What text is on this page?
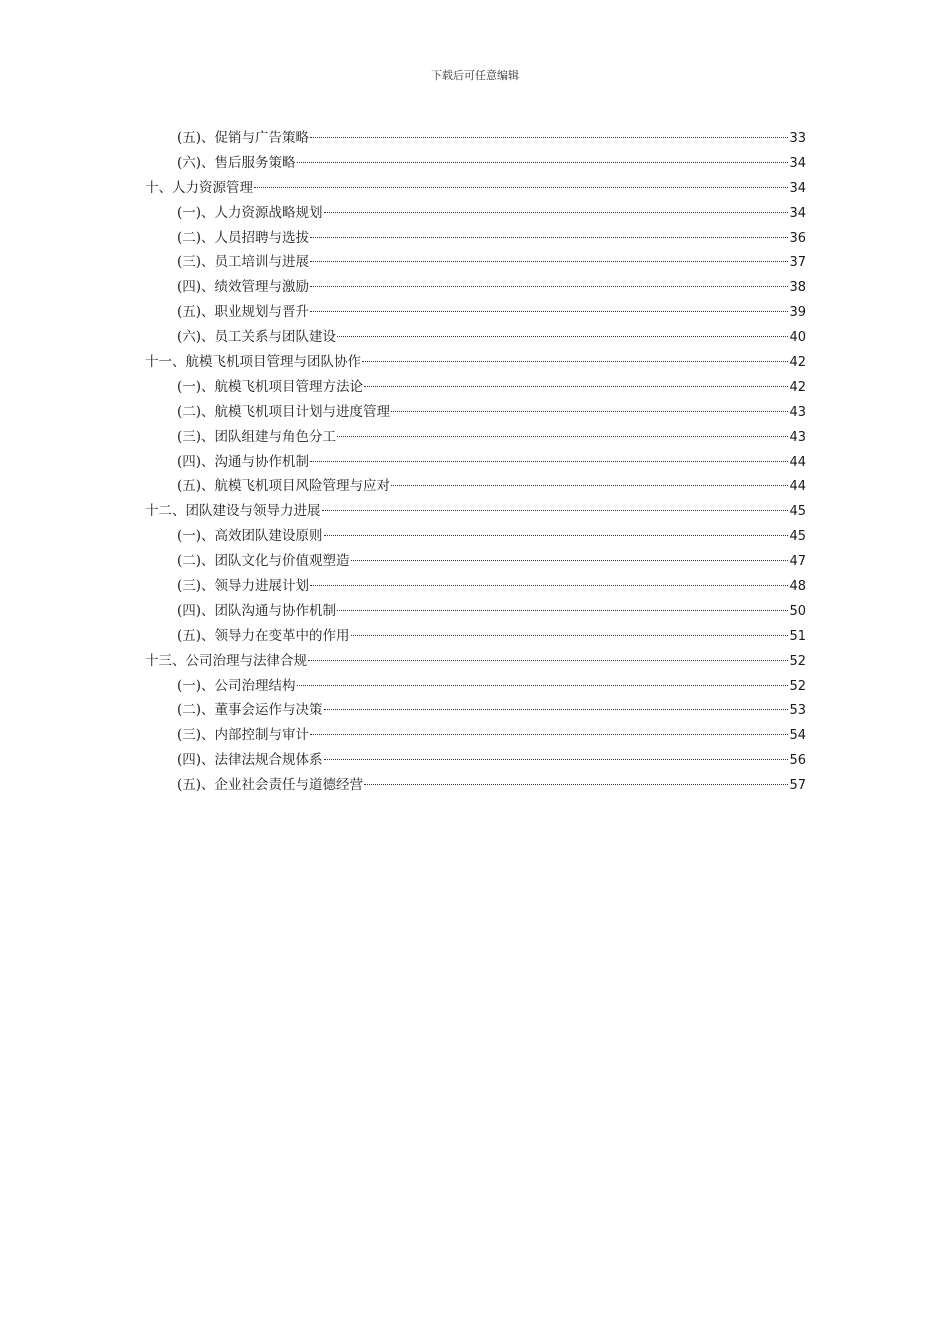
下载后可任意编辑
(五)、促销与广告策略	33
(六)、售后服务策略	34
十、人力资源管理	34
(一)、人力资源战略规划	34
(二)、人员招聘与选拔	36
(三)、员工培训与进展	37
(四)、绩效管理与激励	38
(五)、职业规划与晋升	39
(六)、员工关系与团队建设	40
十一、航模飞机项目管理与团队协作	42
(一)、航模飞机项目管理方法论	42
(二)、航模飞机项目计划与进度管理	43
(三)、团队组建与角色分工	43
(四)、沟通与协作机制	44
(五)、航模飞机项目风险管理与应对	44
十二、团队建设与领导力进展	45
(一)、高效团队建设原则	45
(二)、团队文化与价值观塑造	47
(三)、领导力进展计划	48
(四)、团队沟通与协作机制	50
(五)、领导力在变革中的作用	51
十三、公司治理与法律合规	52
(一)、公司治理结构	52
(二)、董事会运作与决策	53
(三)、内部控制与审计	54
(四)、法律法规合规体系	56
(五)、企业社会责任与道德经营	57
